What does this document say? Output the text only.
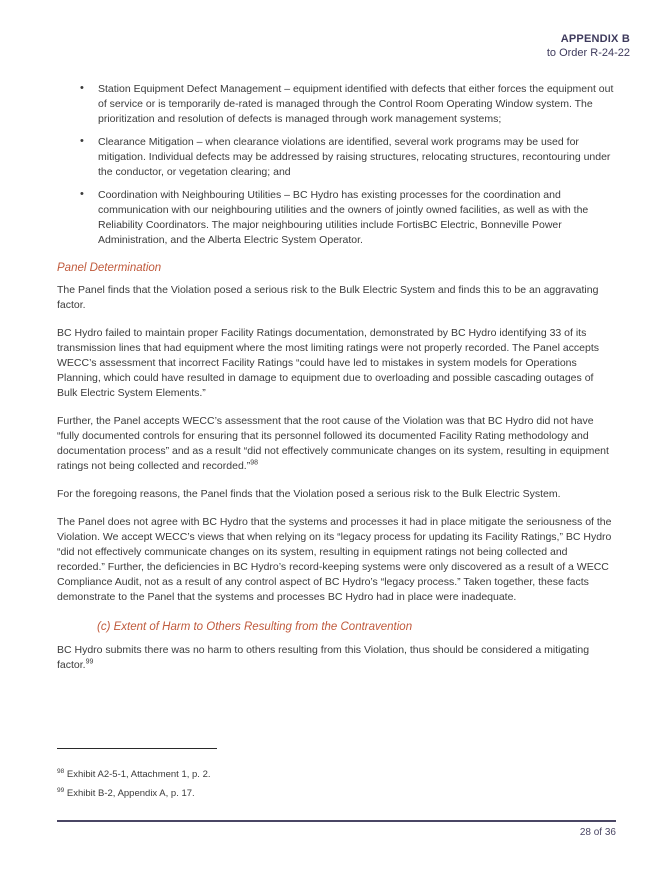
APPENDIX B
to Order R-24-22
• Station Equipment Defect Management – equipment identified with defects that either forces the equipment out of service or is temporarily de-rated is managed through the Control Room Operating Window system. The prioritization and resolution of defects is managed through work management systems;
• Clearance Mitigation – when clearance violations are identified, several work programs may be used for mitigation. Individual defects may be addressed by raising structures, relocating structures, recontouring under the conductor, or vegetation clearing; and
• Coordination with Neighbouring Utilities – BC Hydro has existing processes for the coordination and communication with our neighbouring utilities and the owners of jointly owned facilities, as well as with the Reliability Coordinators. The major neighbouring utilities include FortisBC Electric, Bonneville Power Administration, and the Alberta Electric System Operator.
Panel Determination

The Panel finds that the Violation posed a serious risk to the Bulk Electric System and finds this to be an aggravating factor.

BC Hydro failed to maintain proper Facility Ratings documentation, demonstrated by BC Hydro identifying 33 of its transmission lines that had equipment where the most limiting ratings were not properly recorded. The Panel accepts WECC’s assessment that incorrect Facility Ratings “could have led to mistakes in system models for Operations Planning, which could have resulted in damage to equipment due to overloading and possible cascading outages of Bulk Electric System Elements.”

Further, the Panel accepts WECC’s assessment that the root cause of the Violation was that BC Hydro did not have “fully documented controls for ensuring that its personnel followed its documented Facility Rating methodology and documentation process” and as a result “did not effectively communicate changes on its system, resulting in equipment ratings not being collected and recorded.”$^{98}$

For the foregoing reasons, the Panel finds that the Violation posed a serious risk to the Bulk Electric System.

The Panel does not agree with BC Hydro that the systems and processes it had in place mitigate the seriousness of the Violation. We accept WECC’s views that when relying on its “legacy process for updating its Facility Ratings,” BC Hydro “did not effectively communicate changes on its system, resulting in equipment ratings not being collected and recorded.” Further, the deficiencies in BC Hydro’s record-keeping systems were only discovered as a result of a WECC Compliance Audit, not as a result of any control aspect of BC Hydro’s “legacy process.” Taken together, these facts demonstrate to the Panel that the systems and processes BC Hydro had in place were inadequate.

(c) Extent of Harm to Others Resulting from the Contravention

BC Hydro submits there was no harm to others resulting from this Violation, thus should be considered a mitigating factor.$^{99}$

$^{98}$ Exhibit A2-5-1, Attachment 1, p. 2.
$^{99}$ Exhibit B-2, Appendix A, p. 17.
28 of 36
